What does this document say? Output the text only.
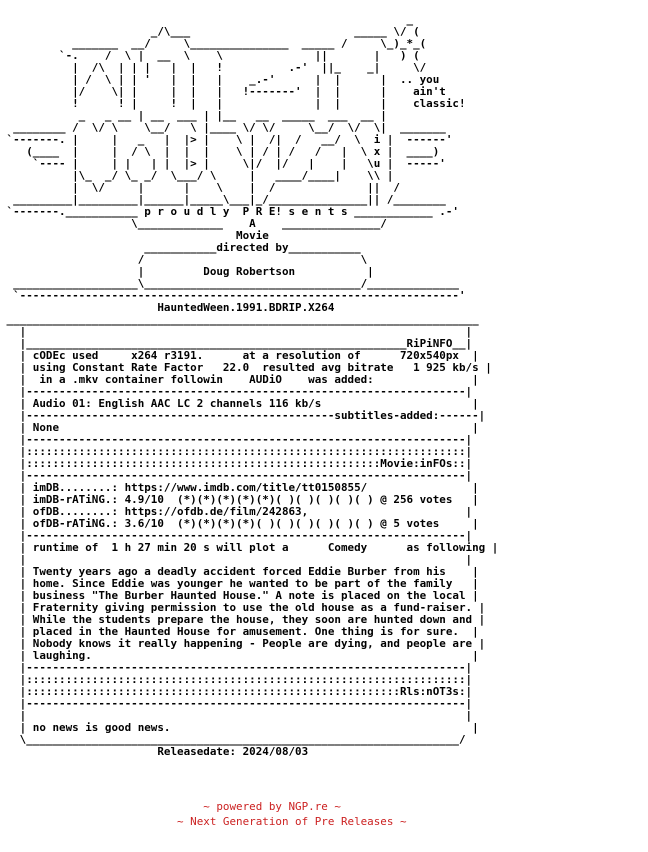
_
_/\___                         _____ \/ (
_______  __/     \_______________  _____ /     \_)_*_(
`-.    /  \ |  __  \    \              ||       |   ) (
|  /\  | | |   |  |   !          .-'  ||_    _|     \/
| /  \ | | '   |  |   |    _.-'      |  |      |  .. you
|/    \| |     |  |   |   !-------'  |  |      |    ain't
!      ! |     !  |   |              |  |      |    classic!
_   _ __ | __  ___ | |__   __  _____  ___  __ |
________ /  \/ \    \__/   \ |____ \/ \/     \__/  \/  \|  _______
`-------. |     |   _   |  |> |    \ |  /|  /   __/  \  i |  ------'
(____  |     |  / \  |  |  |    \ | / | /   /   |  \ x |  ____)
`---- |     | |   | |  |> |     \|/  |/   |    |   \u |  -----'
|\_  _/ \_ _/  \___/ \     |   ____/____|    \\ |
|  \/     |      |    \    |  /              ||  /
_________|_________|______|_____\___|_/_______________|| /________
`-------.___________ p r o u d l y  P R E! s e n t s ____________ .-'
\_____________    A    _______________/
Movie
___________directed by___________
/                                 \
|         Doug Robertson           |
___________________\_________________________________/______________
`-------------------------------------------------------------------'
HauntedWeen.1991.BDRIP.X264
________________________________________________________________________
|                                                                   |
|__________________________________________________________RiPiNFO__|
| cODEc used     x264 r3191.      at a resolution of      720x540px  |
| using Constant Rate Factor   22.0  resulted avg bitrate   1 925 kb/s |
|  in a .mkv container followin    AUDiO    was added:               |
|-------------------------------------------------------------------|
| Audio 01: English AAC LC 2 channels 116 kb/s                       |
|-----------------------------------------------subtitles-added:------|
| None                                                               |
|-------------------------------------------------------------------|
|:::::::::::::::::::::::::::::::::::::::::::::::::::::::::::::::::::|
|::::::::::::::::::::::::::::::::::::::::::::::::::::::Movie:inFOs::|
|-------------------------------------------------------------------|
| imDB........: https://www.imdb.com/title/tt0150855/                |
| imDB-rATiNG.: 4.9/10  (*)(*)(*)(*)(*)( )( )( )( )( ) @ 256 votes   |
| ofDB........: https://ofdb.de/film/242863,                        |
| ofDB-rATiNG.: 3.6/10  (*)(*)(*)(*)( )( )( )( )( )( ) @ 5 votes     |
|-------------------------------------------------------------------|
| runtime of  1 h 27 min 20 s will plot a      Comedy      as following |
|                                                                   |
| Twenty years ago a deadly accident forced Eddie Burber from his    |
| home. Since Eddie was younger he wanted to be part of the family   |
| business "The Burber Haunted House." A note is placed on the local |
| Fraternity giving permission to use the old house as a fund-raiser. |
| While the students prepare the house, they soon are hunted down and |
| placed in the Haunted House for amusement. One thing is for sure.  |
| Nobody knows it really happening - People are dying, and people are |
| laughing.                                                          |
|-------------------------------------------------------------------|
|:::::::::::::::::::::::::::::::::::::::::::::::::::::::::::::::::::|
|:::::::::::::::::::::::::::::::::::::::::::::::::::::::::Rls:nOT3s:|
|-------------------------------------------------------------------|
|                                                                   |
| no news is good news.                                              |
\__________________________________________________________________/
Releasedate: 2024/08/03
~ powered by NGP.re ~
~ Next Generation of Pre Releases ~
